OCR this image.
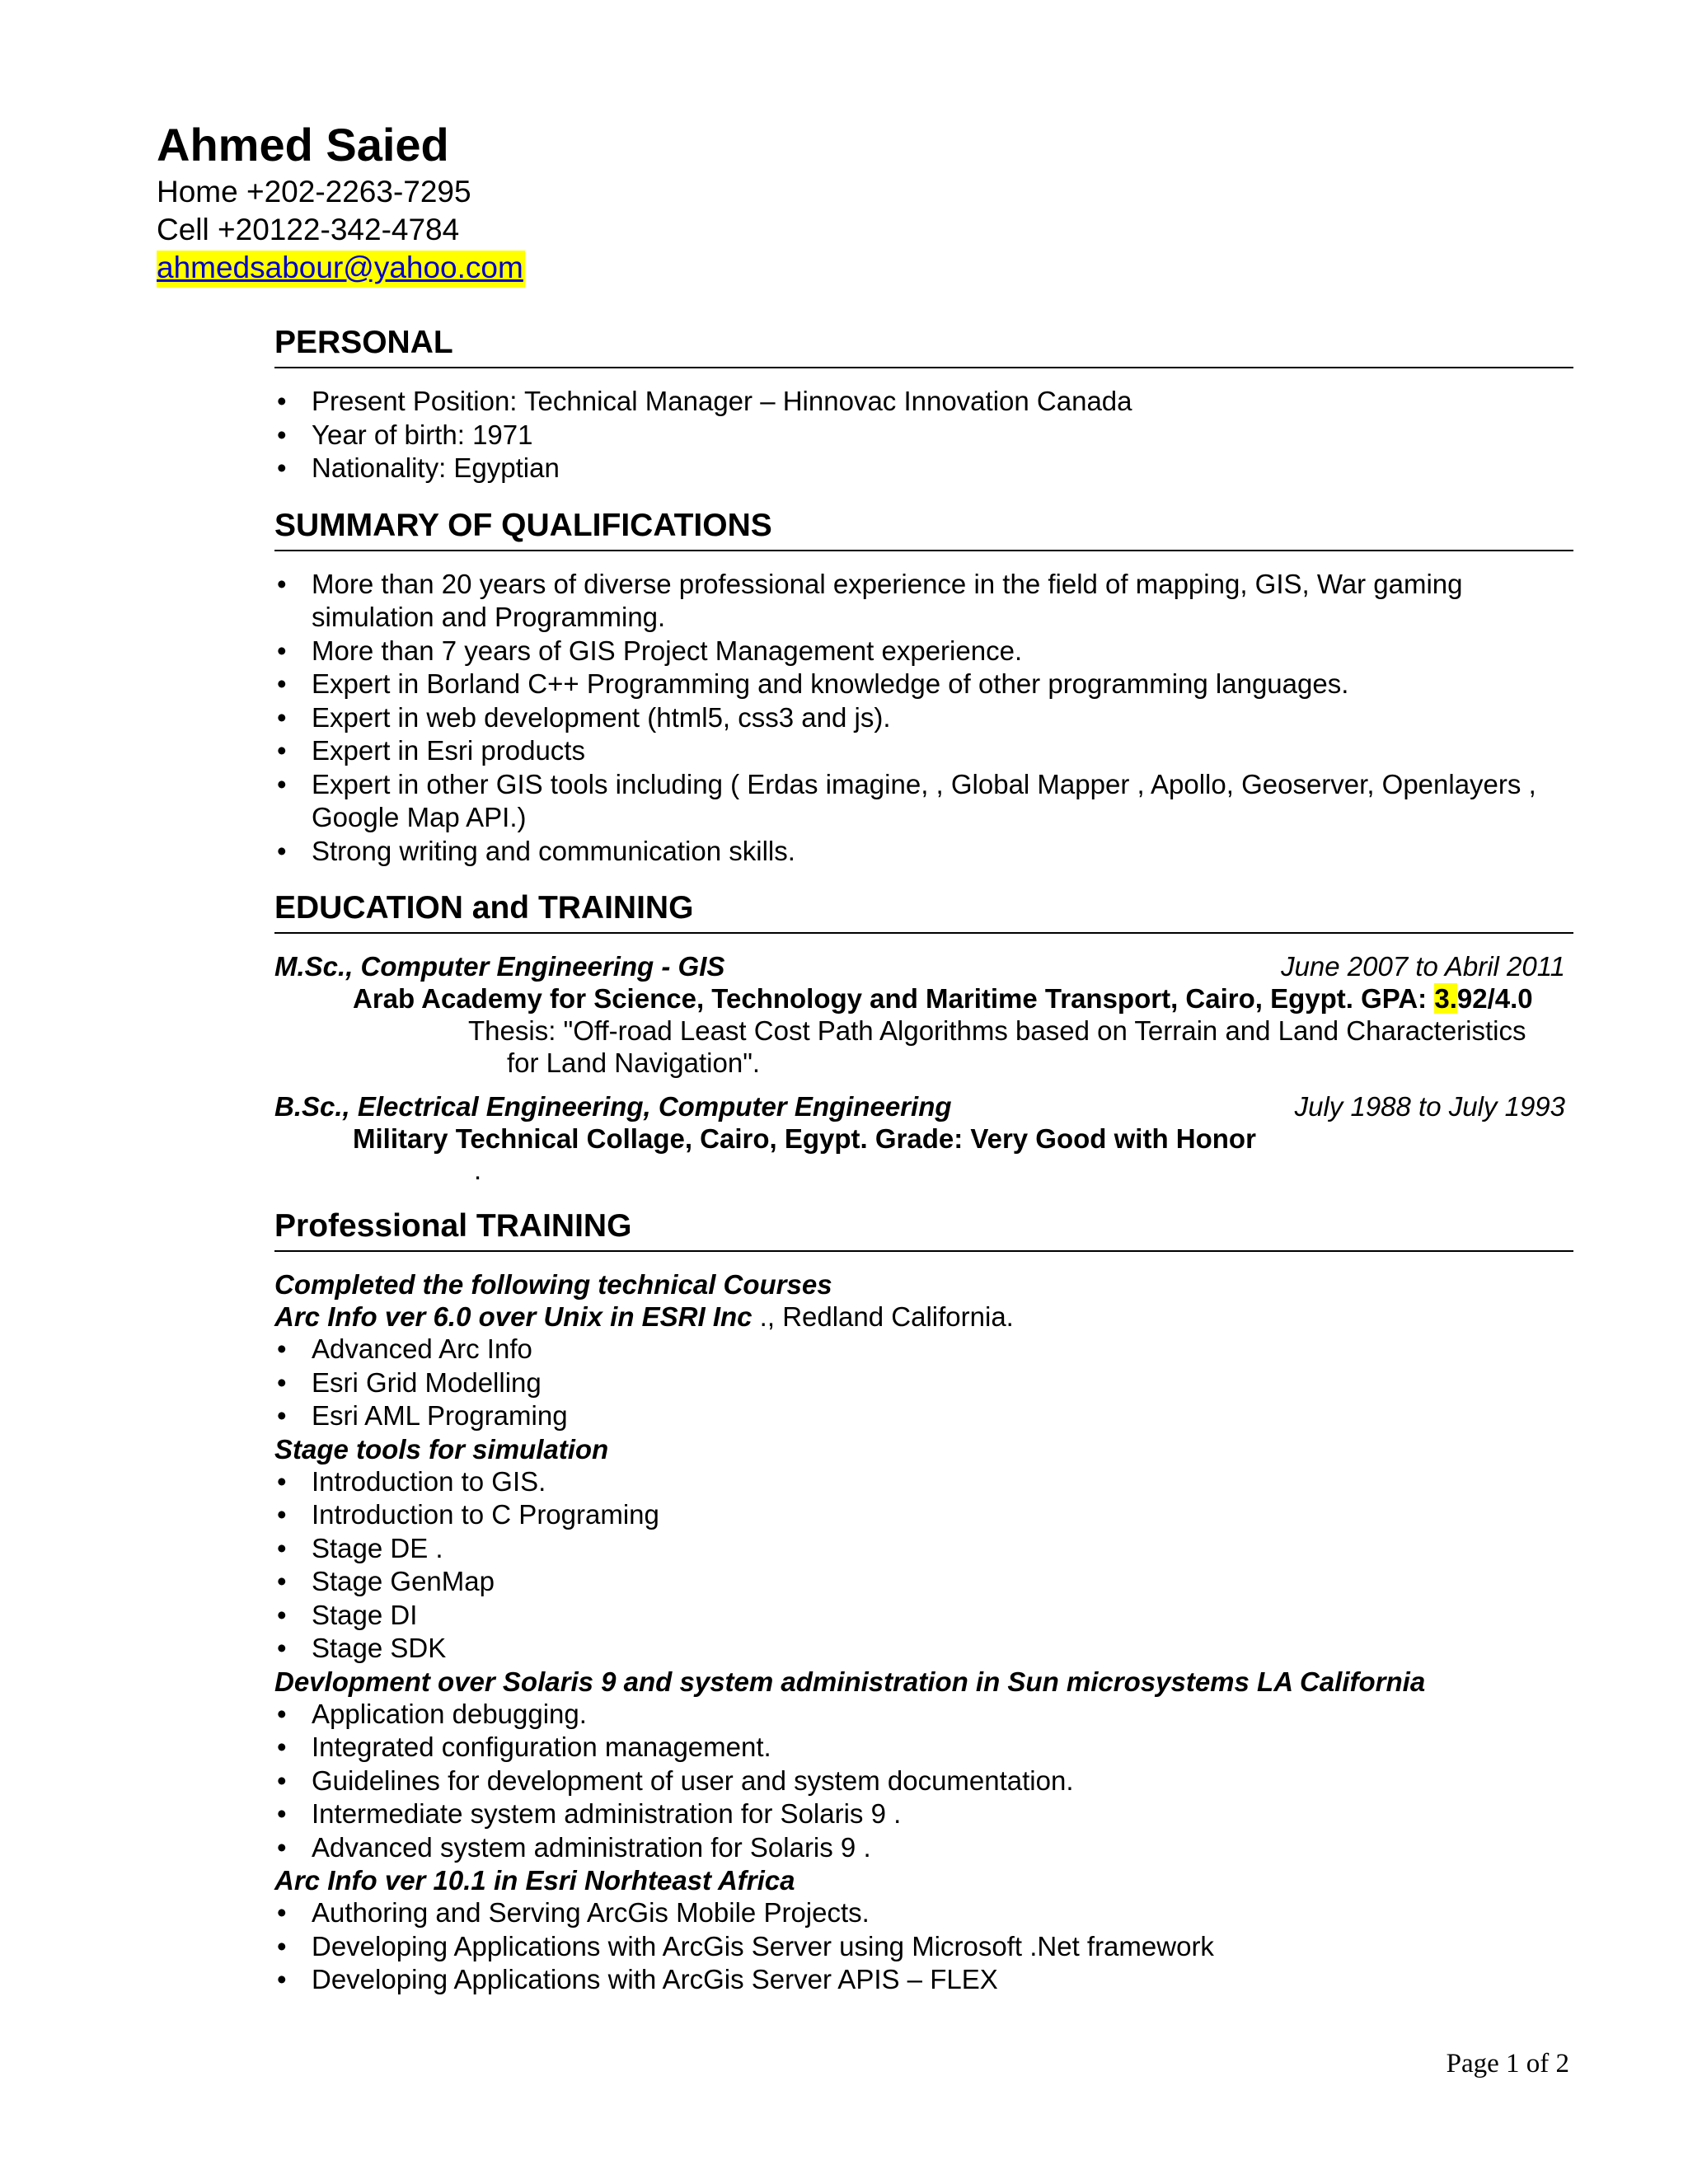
Ahmed Saied
Home +202-2263-7295
Cell +20122-342-4784
ahmedsabour@yahoo.com
PERSONAL
• Present Position: Technical Manager – Hinnovac Innovation Canada
• Year of birth: 1971
• Nationality: Egyptian
SUMMARY OF QUALIFICATIONS
• More than 20 years of diverse professional experience in the field of mapping, GIS, War gaming simulation and Programming.
• More than 7 years of GIS Project Management experience.
• Expert in Borland C++ Programming and knowledge of other programming languages.
• Expert in web development (html5, css3 and js).
• Expert in Esri products
• Expert in other GIS tools including ( Erdas imagine, , Global Mapper , Apollo, Geoserver, Openlayers , Google Map API.)
• Strong writing and communication skills.
EDUCATION and TRAINING
M.Sc., Computer Engineering - GIS	June 2007 to Abril 2011
Arab Academy for Science, Technology and Maritime Transport, Cairo, Egypt. GPA: 3.92/4.0
Thesis: "Off-road Least Cost Path Algorithms based on Terrain and Land Characteristics
for Land Navigation".
B.Sc., Electrical Engineering, Computer Engineering	July 1988 to July 1993
Military Technical Collage, Cairo, Egypt. Grade: Very Good with Honor
.
Professional TRAINING
Completed the following technical Courses
Arc Info ver 6.0 over Unix in ESRI Inc ., Redland California.
• Advanced Arc Info
• Esri Grid Modelling
• Esri AML Programing
Stage tools for simulation
• Introduction to GIS.
• Introduction to C Programing
• Stage DE .
• Stage GenMap
• Stage DI
• Stage SDK
Devlopment over Solaris 9 and system administration in Sun microsystems LA California
• Application debugging.
• Integrated configuration management.
• Guidelines for development of user and system documentation.
• Intermediate system administration for Solaris 9 .
• Advanced system administration for Solaris 9 .
Arc Info ver 10.1 in Esri Norhteast Africa
• Authoring and Serving ArcGis Mobile Projects.
• Developing Applications with ArcGis Server using Microsoft .Net framework
• Developing Applications with ArcGis Server APIS – FLEX
Page 1 of 2
